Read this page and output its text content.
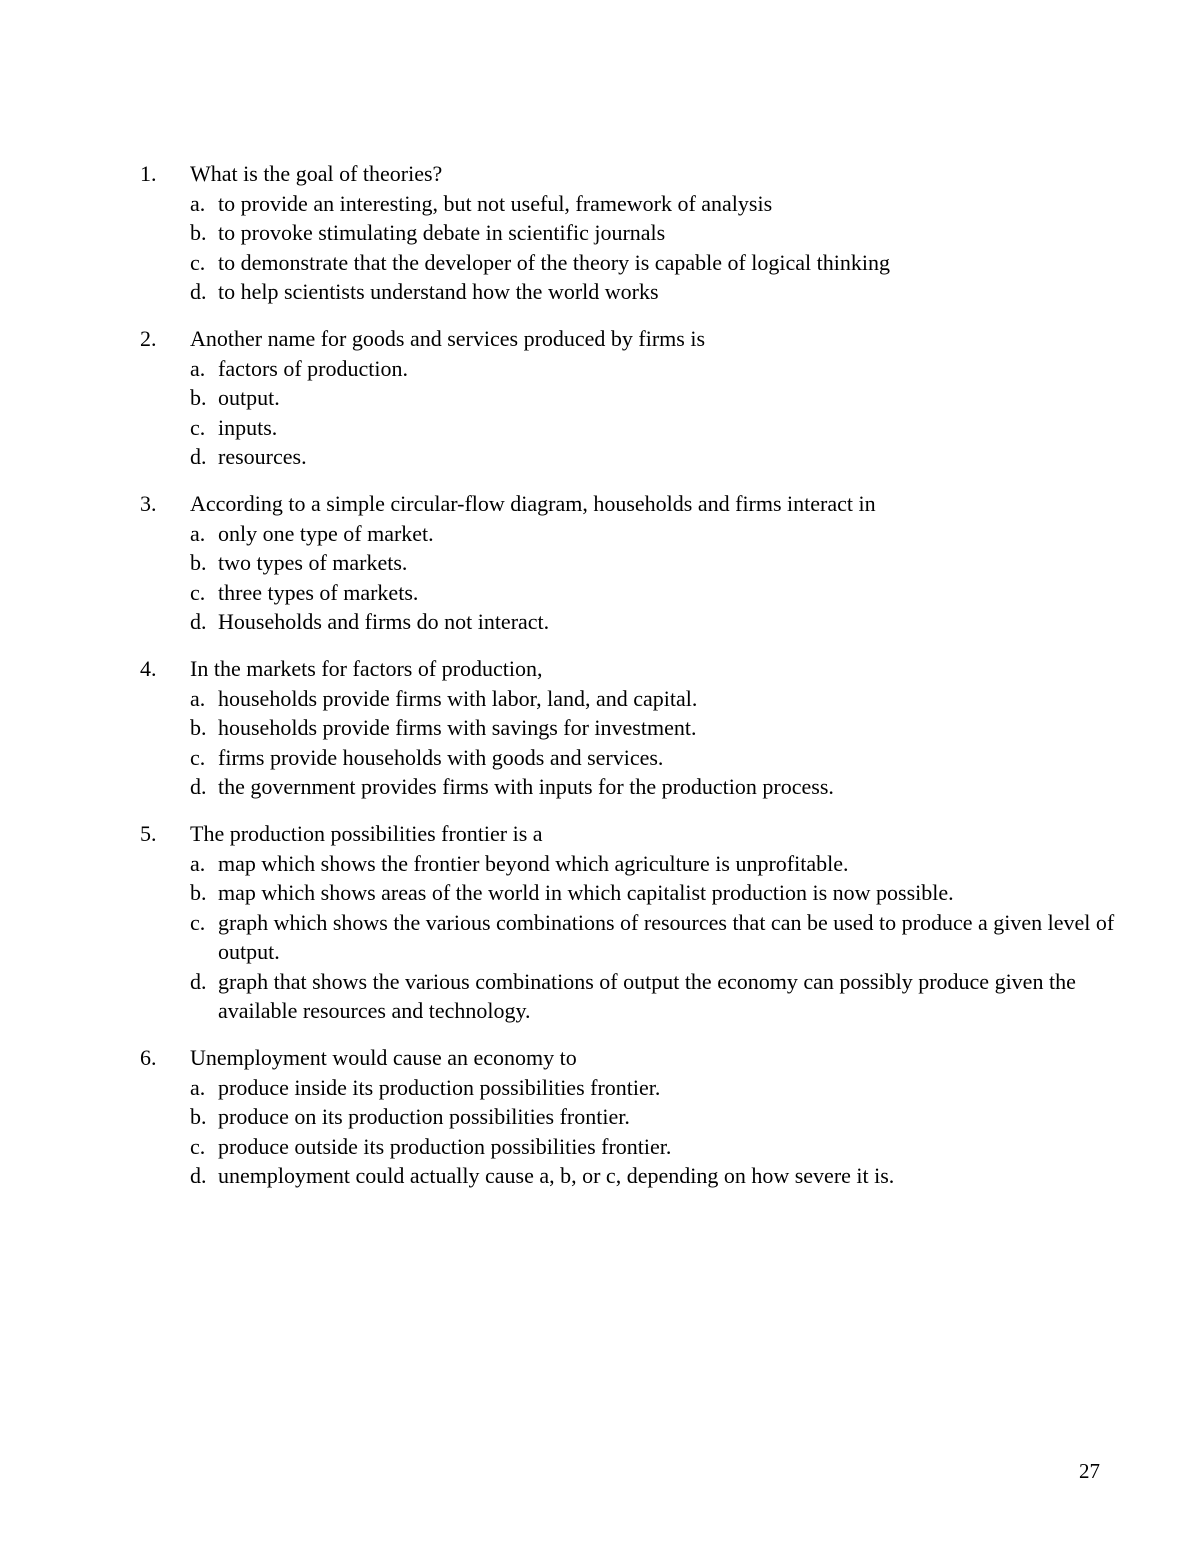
1.	What is the goal of theories?
a. to provide an interesting, but not useful, framework of analysis
b. to provoke stimulating debate in scientific journals
c. to demonstrate that the developer of the theory is capable of logical thinking
d. to help scientists understand how the world works
2.	Another name for goods and services produced by firms is
a. factors of production.
b. output.
c. inputs.
d. resources.
3.	According to a simple circular-flow diagram, households and firms interact in
a. only one type of market.
b. two types of markets.
c. three types of markets.
d. Households and firms do not interact.
4.	In the markets for factors of production,
a. households provide firms with labor, land, and capital.
b. households provide firms with savings for investment.
c. firms provide households with goods and services.
d. the government provides firms with inputs for the production process.
5.	The production possibilities frontier is a
a. map which shows the frontier beyond which agriculture is unprofitable.
b. map which shows areas of the world in which capitalist production is now possible.
c. graph which shows the various combinations of resources that can be used to produce a given level of output.
d. graph that shows the various combinations of output the economy can possibly produce given the available resources and technology.
6.	Unemployment would cause an economy to
a. produce inside its production possibilities frontier.
b. produce on its production possibilities frontier.
c. produce outside its production possibilities frontier.
d. unemployment could actually cause a, b, or c, depending on how severe it is.
27
